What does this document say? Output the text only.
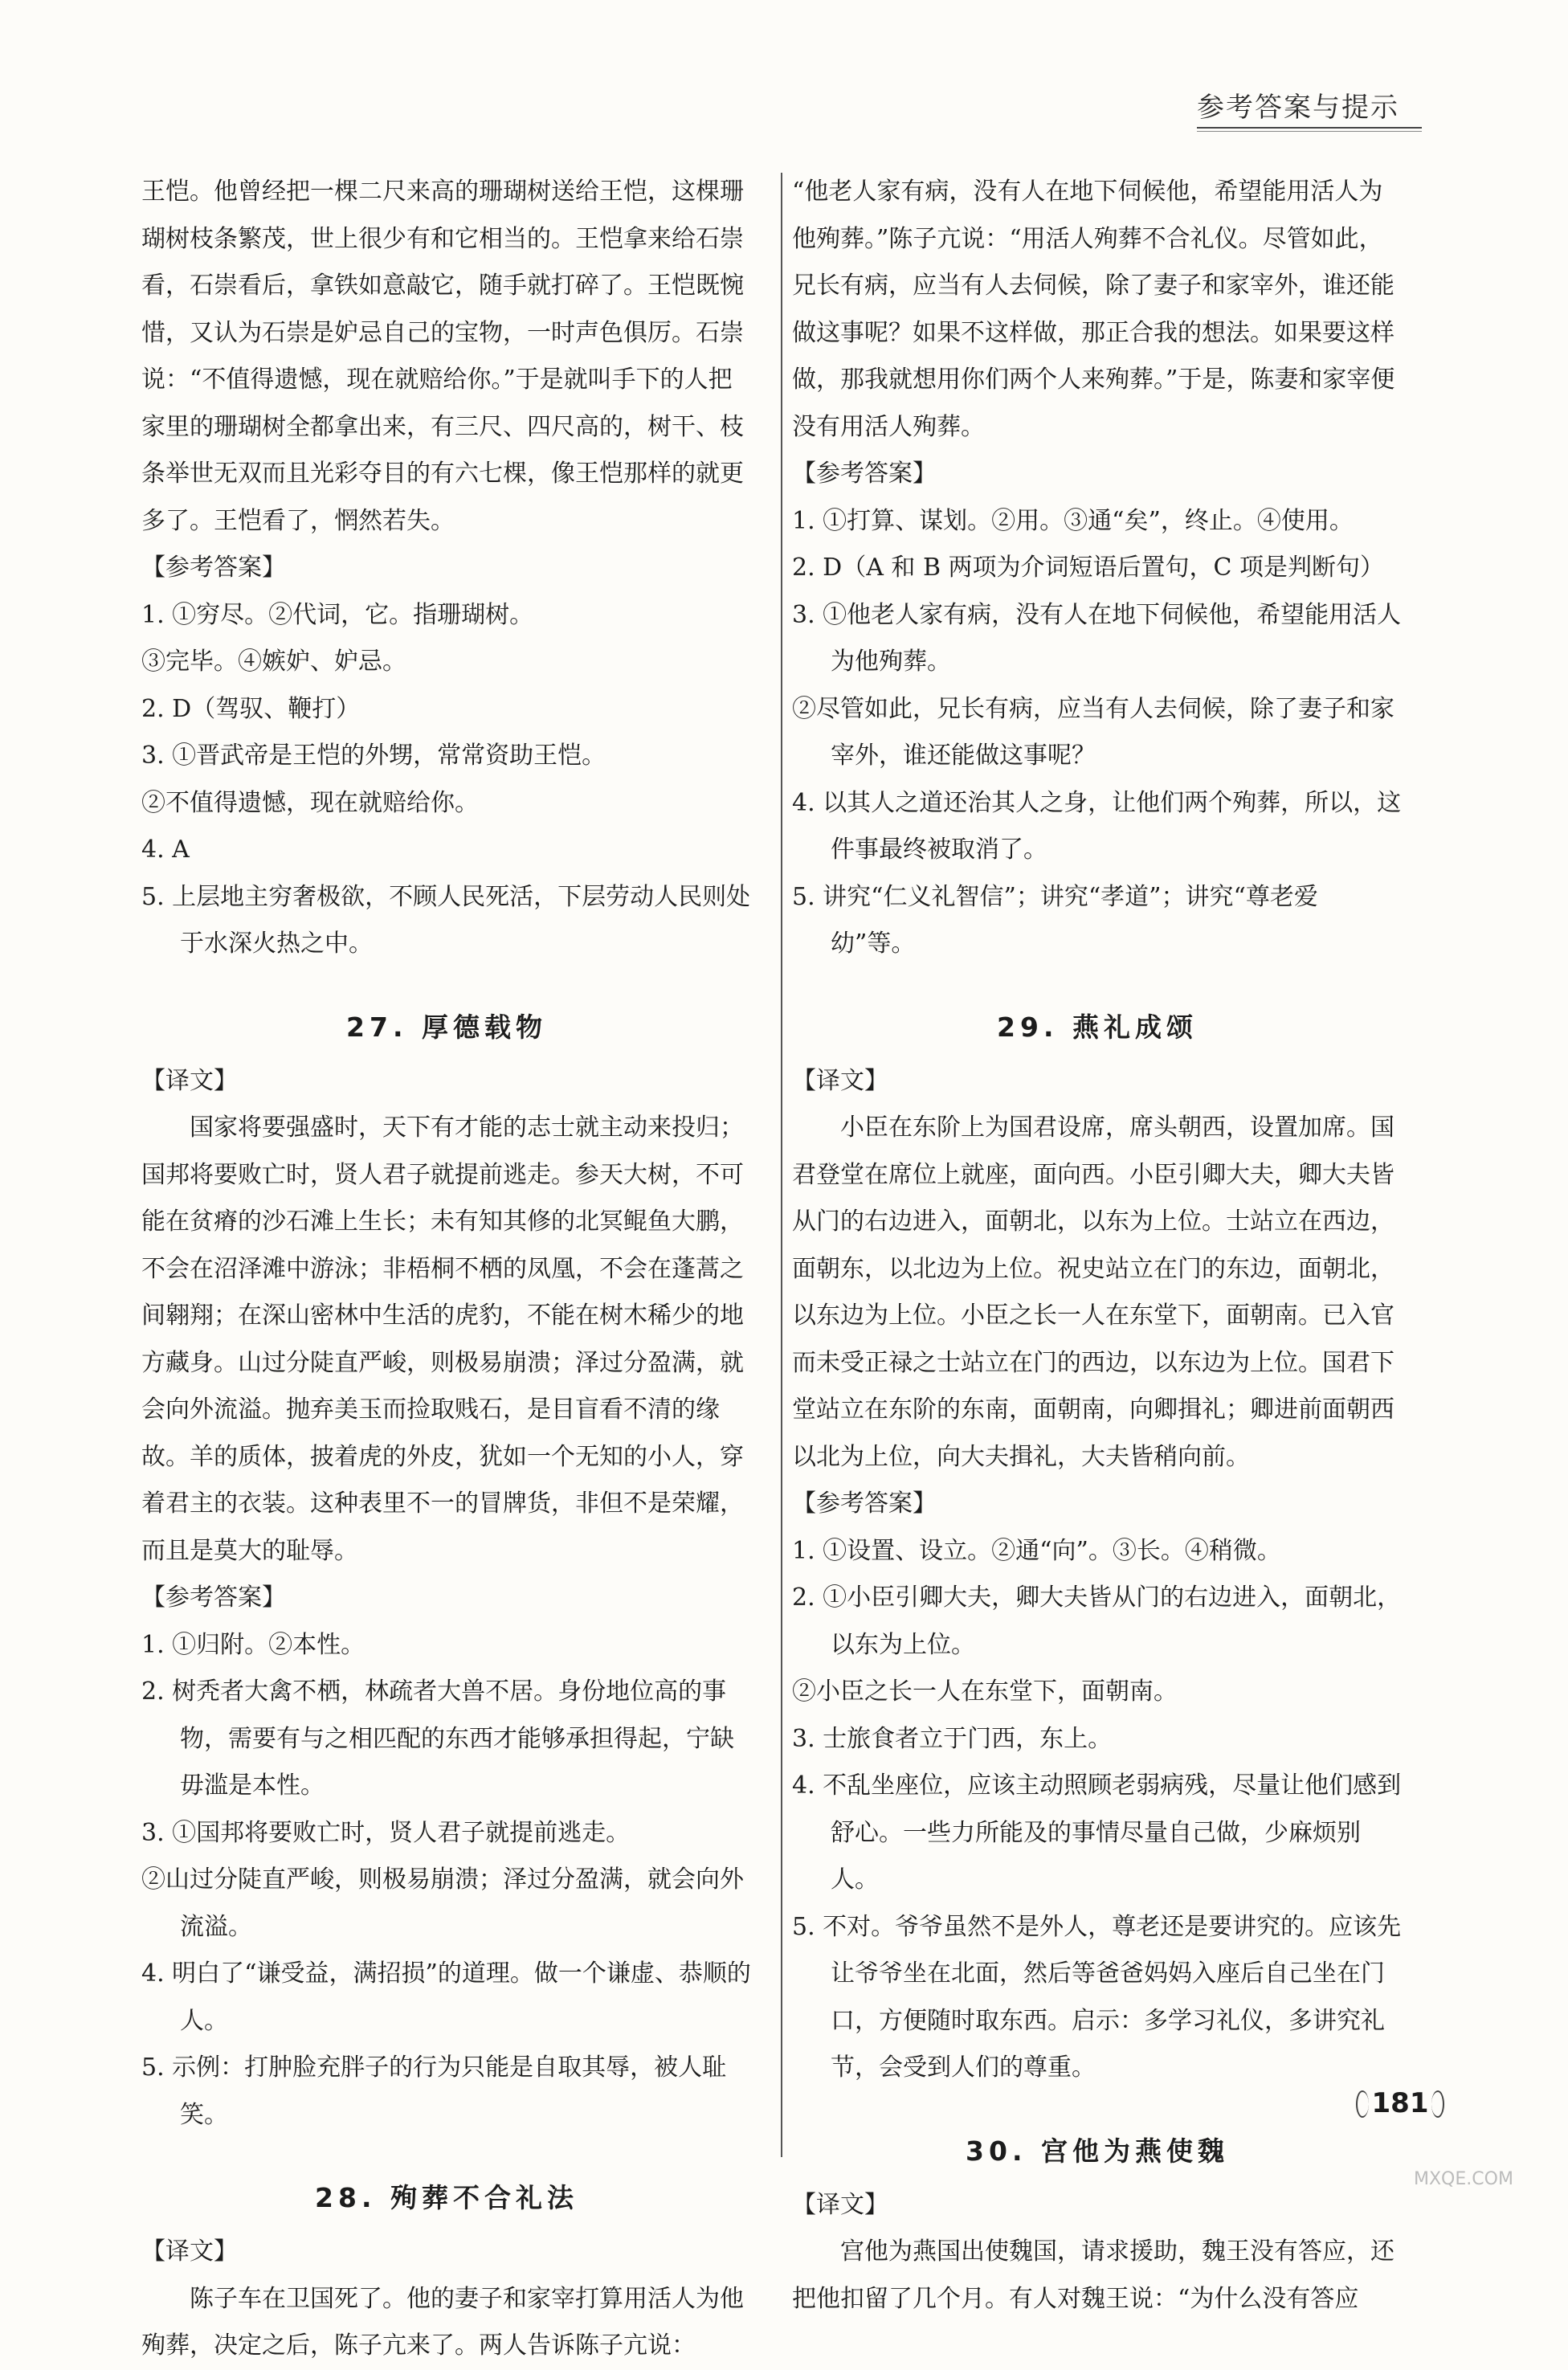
参考答案与提示

王恺。他曾经把一棵二尺来高的珊瑚树送给王恺，这棵珊瑚树枝条繁茂，世上很少有和它相当的。王恺拿来给石崇看，石崇看后，拿铁如意敲它，随手就打碎了。王恺既惋惜，又认为石崇是妒忌自己的宝物，一时声色俱厉。石崇说：“不值得遗憾，现在就赔给你。”于是就叫手下的人把家里的珊瑚树全都拿出来，有三尺、四尺高的，树干、枝条举世无双而且光彩夺目的有六七棵，像王恺那样的就更多了。王恺看了，惘然若失。

【参考答案】

1. ①穷尽。②代词，它。指珊瑚树。
③完毕。④嫉妒、妒忌。
2. D（驾驭、鞭打）
3. ①晋武帝是王恺的外甥，常常资助王恺。
②不值得遗憾，现在就赔给你。
4. A
5. 上层地主穷奢极欲，不顾人民死活，下层劳动人民则处于水深火热之中。
27. 厚德载物

【译文】

国家将要强盛时，天下有才能的志士就主动来投归；国邦将要败亡时，贤人君子就提前逃走。参天大树，不可能在贫瘠的沙石滩上生长；未有知其修的北冥鲲鱼大鹏，不会在沼泽滩中游泳；非梧桐不栖的凤凰，不会在蓬蒿之间翱翔；在深山密林中生活的虎豹，不能在树木稀少的地方藏身。山过分陡直严峻，则极易崩溃；泽过分盈满，就会向外流溢。抛弃美玉而捡取贱石，是目盲看不清的缘故。羊的质体，披着虎的外皮，犹如一个无知的小人，穿着君主的衣装。这种表里不一的冒牌货，非但不是荣耀，而且是莫大的耻辱。

【参考答案】

1. ①归附。②本性。
2. 树秃者大禽不栖，林疏者大兽不居。身份地位高的事物，需要有与之相匹配的东西才能够承担得起，宁缺毋滥是本性。
3. ①国邦将要败亡时，贤人君子就提前逃走。
②山过分陡直严峻，则极易崩溃；泽过分盈满，就会向外流溢。
4. 明白了“谦受益，满招损”的道理。做一个谦虚、恭顺的人。
5. 示例：打肿脸充胖子的行为只能是自取其辱，被人耻笑。
28. 殉葬不合礼法

【译文】

陈子车在卫国死了。他的妻子和家宰打算用活人为他殉葬，决定之后，陈子亢来了。两人告诉陈子亢说：

“他老人家有病，没有人在地下伺候他，希望能用活人为他殉葬。”陈子亢说：“用活人殉葬不合礼仪。尽管如此，兄长有病，应当有人去伺候，除了妻子和家宰外，谁还能做这事呢？如果不这样做，那正合我的想法。如果要这样做，那我就想用你们两个人来殉葬。”于是，陈妻和家宰便没有用活人殉葬。

【参考答案】

1. ①打算、谋划。②用。③通“矣”，终止。④使用。
2. D（A 和 B 两项为介词短语后置句，C 项是判断句）
3. ①他老人家有病，没有人在地下伺候他，希望能用活人为他殉葬。
②尽管如此，兄长有病，应当有人去伺候，除了妻子和家宰外，谁还能做这事呢？
4. 以其人之道还治其人之身，让他们两个殉葬，所以，这件事最终被取消了。
5. 讲究“仁义礼智信”；讲究“孝道”；讲究“尊老爱幼”等。
29. 燕礼成颂

【译文】

小臣在东阶上为国君设席，席头朝西，设置加席。国君登堂在席位上就座，面向西。小臣引卿大夫，卿大夫皆从门的右边进入，面朝北，以东为上位。士站立在西边，面朝东，以北边为上位。祝史站立在门的东边，面朝北，以东边为上位。小臣之长一人在东堂下，面朝南。已入官而未受正禄之士站立在门的西边，以东边为上位。国君下堂站立在东阶的东南，面朝南，向卿揖礼；卿进前面朝西以北为上位，向大夫揖礼，大夫皆稍向前。

【参考答案】

1. ①设置、设立。②通“向”。③长。④稍微。
2. ①小臣引卿大夫，卿大夫皆从门的右边进入，面朝北，以东为上位。
②小臣之长一人在东堂下，面朝南。
3. 士旅食者立于门西，东上。
4. 不乱坐座位，应该主动照顾老弱病残，尽量让他们感到舒心。一些力所能及的事情尽量自己做，少麻烦别人。
5. 不对。爷爷虽然不是外人，尊老还是要讲究的。应该先让爷爷坐在北面，然后等爸爸妈妈入座后自己坐在门口，方便随时取东西。启示：多学习礼仪，多讲究礼节，会受到人们的尊重。
30. 宫他为燕使魏

【译文】

宫他为燕国出使魏国，请求援助，魏王没有答应，还把他扣留了几个月。有人对魏王说：“为什么没有答应

181
MXQE.COM
